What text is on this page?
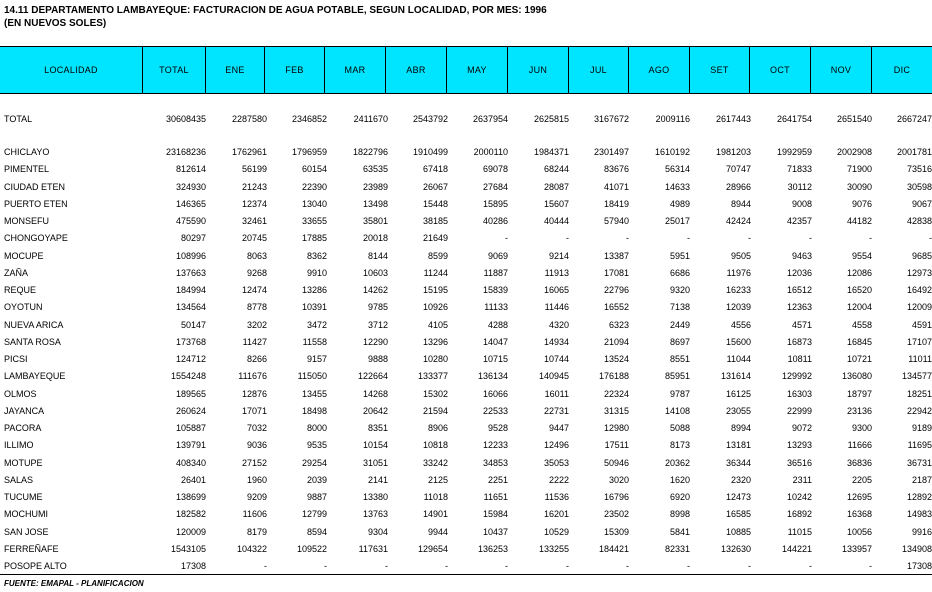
14.11 DEPARTAMENTO LAMBAYEQUE: FACTURACION DE AGUA POTABLE, SEGUN LOCALIDAD, POR MES: 1996
(EN NUEVOS SOLES)
LOCALIDAD	TOTAL	ENE	FEB	MAR	ABR	MAY	JUN	JUL	AGO	SET	OCT	NOV	DIC
TOTAL	30608435	2287580	2346852	2411670	2543792	2637954	2625815	3167672	2009116	2617443	2641754	2651540	2667247
CHICLAYO	23168236	1762961	1796959	1822796	1910499	2000110	1984371	2301497	1610192	1981203	1992959	2002908	2001781
PIMENTEL	812614	56199	60154	63535	67418	69078	68244	83676	56314	70747	71833	71900	73516
CIUDAD ETEN	324930	21243	22390	23989	26067	27684	28087	41071	14633	28966	30112	30090	30598
PUERTO ETEN	146365	12374	13040	13498	15448	15895	15607	18419	4989	8944	9008	9076	9067
MONSEFU	475590	32461	33655	35801	38185	40286	40444	57940	25017	42424	42357	44182	42838
CHONGOYAPE	80297	20745	17885	20018	21649	-	-	-	-	-	-	-	-
MOCUPE	108996	8063	8362	8144	8599	9069	9214	13387	5951	9505	9463	9554	9685
ZAÑA	137663	9268	9910	10603	11244	11887	11913	17081	6686	11976	12036	12086	12973
REQUE	184994	12474	13286	14262	15195	15839	16065	22796	9320	16233	16512	16520	16492
OYOTUN	134564	8778	10391	9785	10926	11133	11446	16552	7138	12039	12363	12004	12009
NUEVA ARICA	50147	3202	3472	3712	4105	4288	4320	6323	2449	4556	4571	4558	4591
SANTA ROSA	173768	11427	11558	12290	13296	14047	14934	21094	8697	15600	16873	16845	17107
PICSI	124712	8266	9157	9888	10280	10715	10744	13524	8551	11044	10811	10721	11011
LAMBAYEQUE	1554248	111676	115050	122664	133377	136134	140945	176188	85951	131614	129992	136080	134577
OLMOS	189565	12876	13455	14268	15302	16066	16011	22324	9787	16125	16303	18797	18251
JAYANCA	260624	17071	18498	20642	21594	22533	22731	31315	14108	23055	22999	23136	22942
PACORA	105887	7032	8000	8351	8906	9528	9447	12980	5088	8994	9072	9300	9189
ILLIMO	139791	9036	9535	10154	10818	12233	12496	17511	8173	13181	13293	11666	11695
MOTUPE	408340	27152	29254	31051	33242	34853	35053	50946	20362	36344	36516	36836	36731
SALAS	26401	1960	2039	2141	2125	2251	2222	3020	1620	2320	2311	2205	2187
TUCUME	138699	9209	9887	13380	11018	11651	11536	16796	6920	12473	10242	12695	12892
MOCHUMI	182582	11606	12799	13763	14901	15984	16201	23502	8998	16585	16892	16368	14983
SAN JOSE	120009	8179	8594	9304	9944	10437	10529	15309	5841	10885	11015	10056	9916
FERREÑAFE	1543105	104322	109522	117631	129654	136253	133255	184421	82331	132630	144221	133957	134908
POSOPE ALTO	17308	-	-	-	-	-	-	-	-	-	-	-	17308
FUENTE: EMAPAL - PLANIFICACION
